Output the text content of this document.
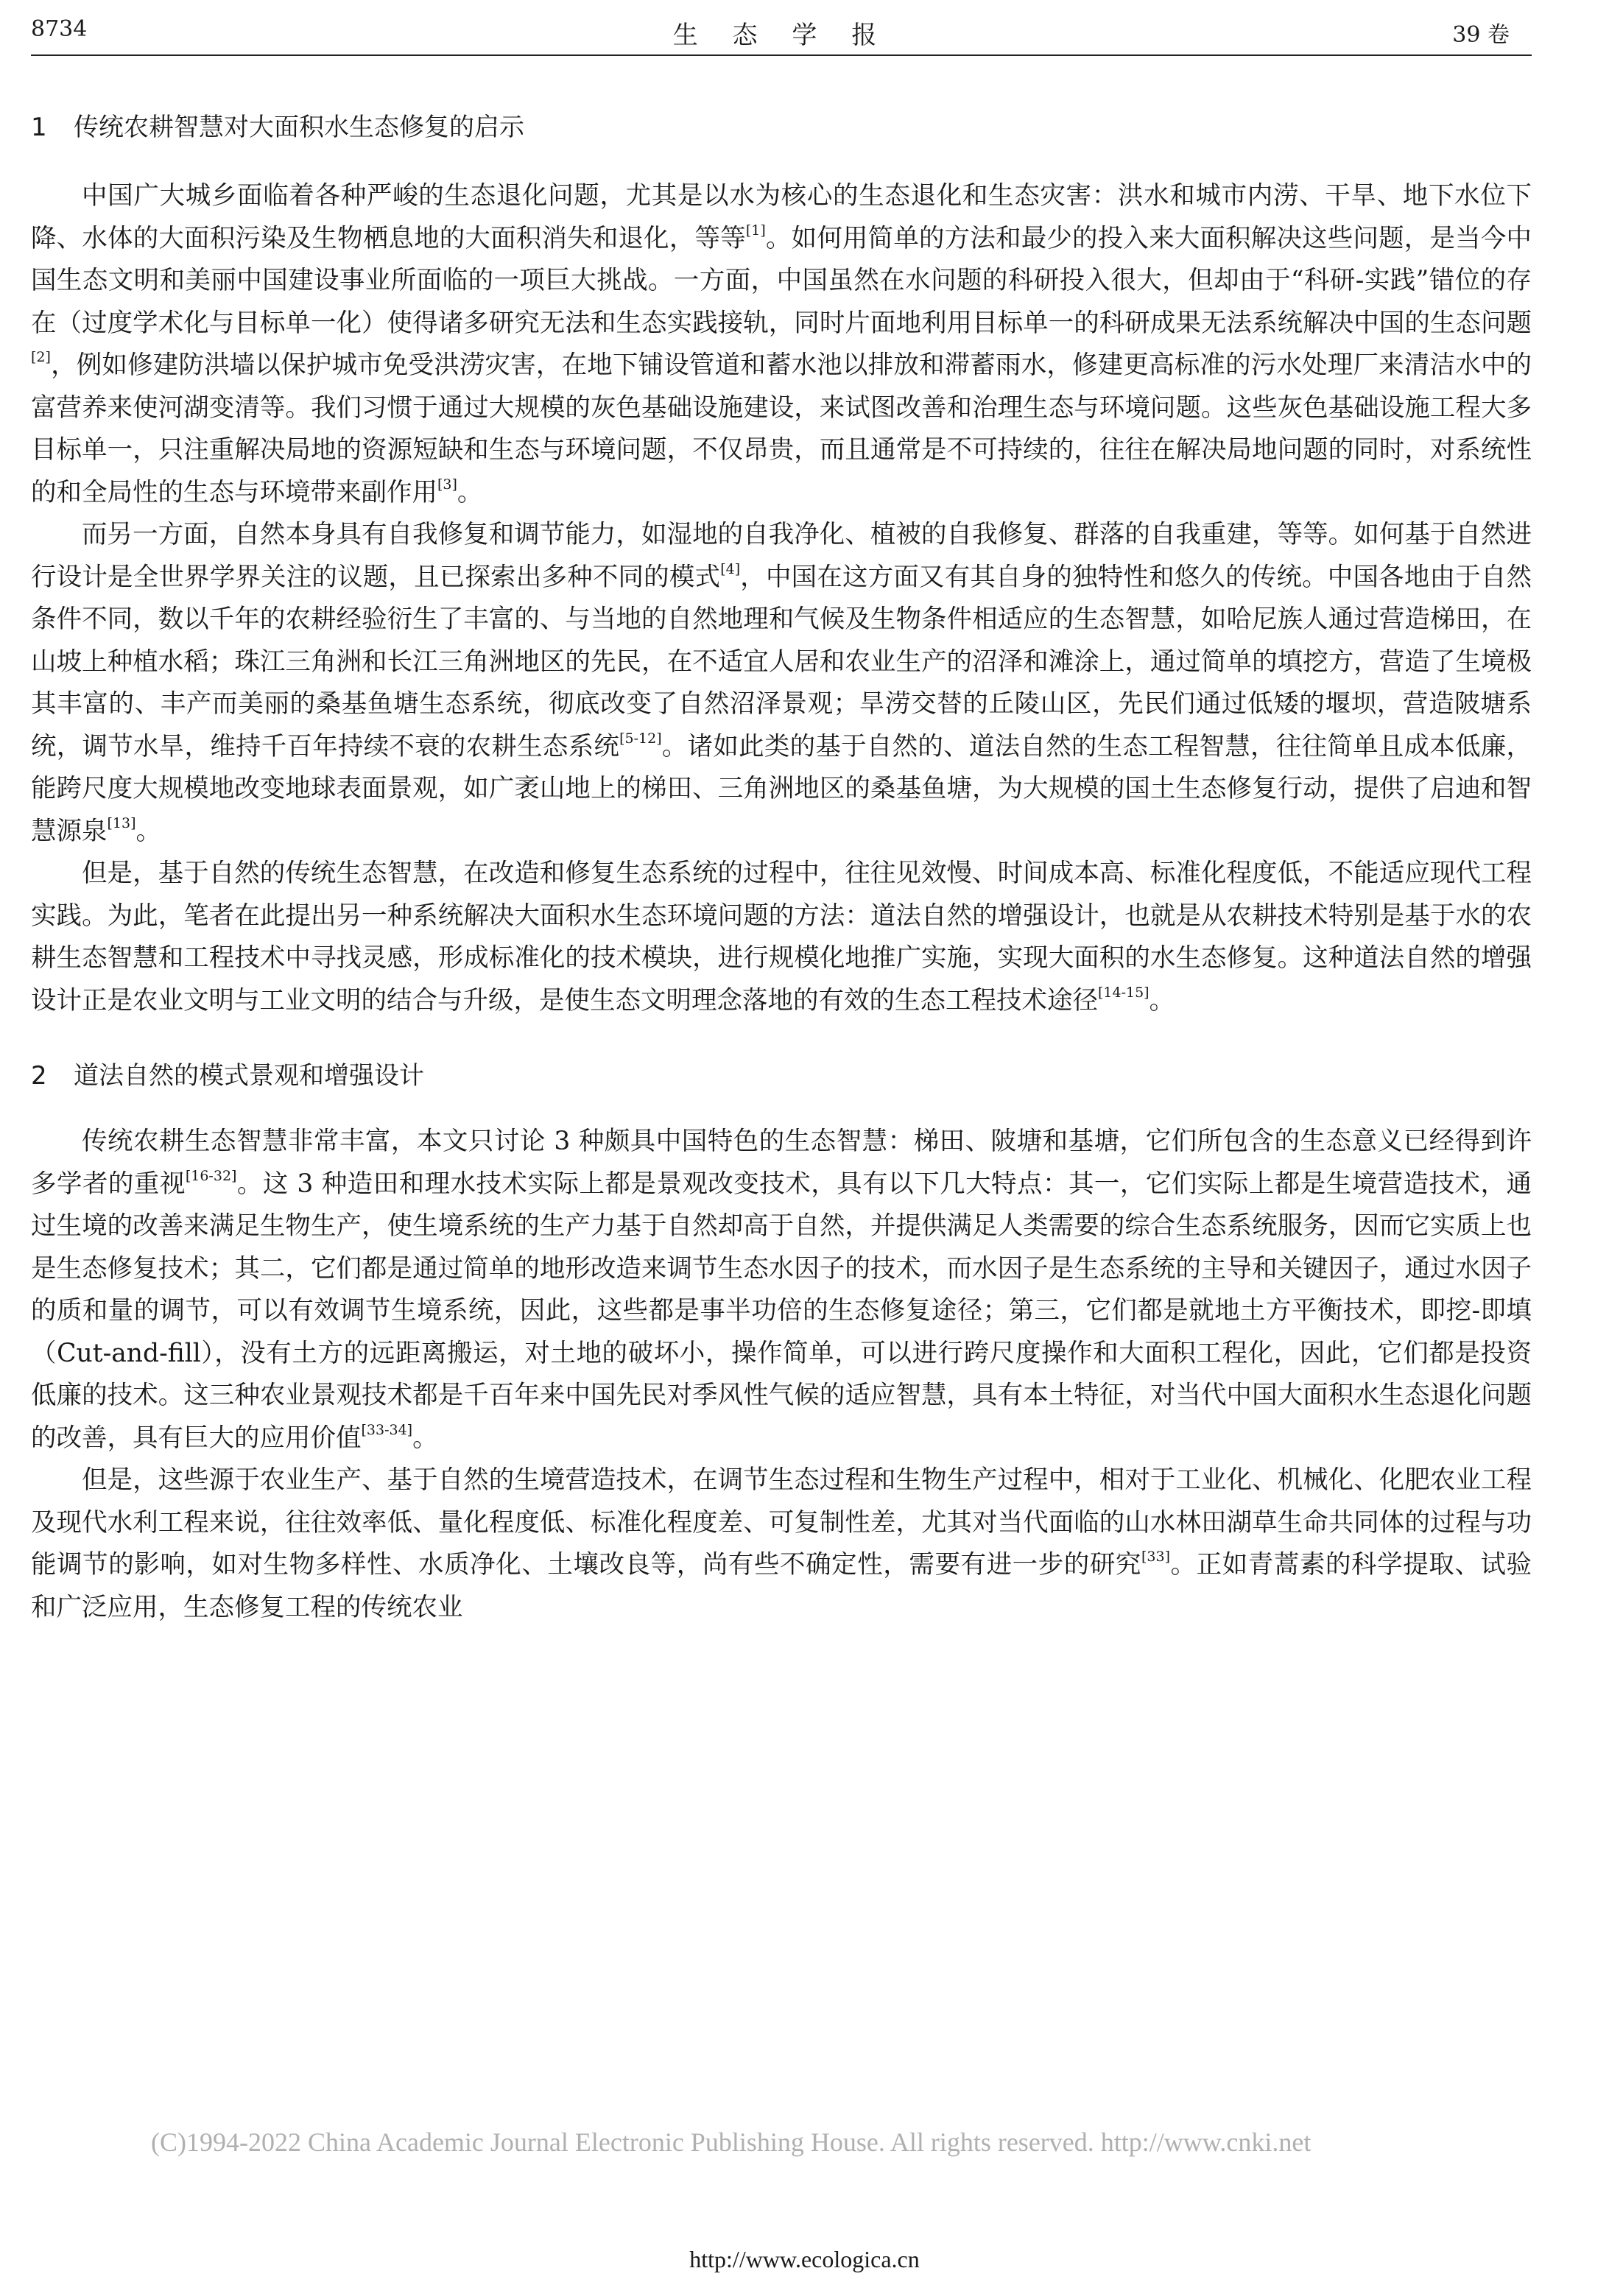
8734	生 态 学 报	39 卷
1 传统农耕智慧对大面积水生态修复的启示

中国广大城乡面临着各种严峻的生态退化问题，尤其是以水为核心的生态退化和生态灾害：洪水和城市内涝、干旱、地下水位下降、水体的大面积污染及生物栖息地的大面积消失和退化，等等[1]。如何用简单的方法和最少的投入来大面积解决这些问题，是当今中国生态文明和美丽中国建设事业所面临的一项巨大挑战。一方面，中国虽然在水问题的科研投入很大，但却由于“科研-实践”错位的存在（过度学术化与目标单一化）使得诸多研究无法和生态实践接轨，同时片面地利用目标单一的科研成果无法系统解决中国的生态问题[2]，例如修建防洪墙以保护城市免受洪涝灾害，在地下铺设管道和蓄水池以排放和滞蓄雨水，修建更高标准的污水处理厂来清洁水中的富营养来使河湖变清等。我们习惯于通过大规模的灰色基础设施建设，来试图改善和治理生态与环境问题。这些灰色基础设施工程大多目标单一，只注重解决局地的资源短缺和生态与环境问题，不仅昂贵，而且通常是不可持续的，往往在解决局地问题的同时，对系统性的和全局性的生态与环境带来副作用[3]。

而另一方面，自然本身具有自我修复和调节能力，如湿地的自我净化、植被的自我修复、群落的自我重建，等等。如何基于自然进行设计是全世界学界关注的议题，且已探索出多种不同的模式[4]，中国在这方面又有其自身的独特性和悠久的传统。中国各地由于自然条件不同，数以千年的农耕经验衍生了丰富的、与当地的自然地理和气候及生物条件相适应的生态智慧，如哈尼族人通过营造梯田，在山坡上种植水稻；珠江三角洲和长江三角洲地区的先民，在不适宜人居和农业生产的沼泽和滩涂上，通过简单的填挖方，营造了生境极其丰富的、丰产而美丽的桑基鱼塘生态系统，彻底改变了自然沼泽景观；旱涝交替的丘陵山区，先民们通过低矮的堰坝，营造陂塘系统，调节水旱，维持千百年持续不衰的农耕生态系统[5-12]。诸如此类的基于自然的、道法自然的生态工程智慧，往往简单且成本低廉，能跨尺度大规模地改变地球表面景观，如广袤山地上的梯田、三角洲地区的桑基鱼塘，为大规模的国土生态修复行动，提供了启迪和智慧源泉[13]。

但是，基于自然的传统生态智慧，在改造和修复生态系统的过程中，往往见效慢、时间成本高、标准化程度低，不能适应现代工程实践。为此，笔者在此提出另一种系统解决大面积水生态环境问题的方法：道法自然的增强设计，也就是从农耕技术特别是基于水的农耕生态智慧和工程技术中寻找灵感，形成标准化的技术模块，进行规模化地推广实施，实现大面积的水生态修复。这种道法自然的增强设计正是农业文明与工业文明的结合与升级，是使生态文明理念落地的有效的生态工程技术途径[14-15]。

2 道法自然的模式景观和增强设计

传统农耕生态智慧非常丰富，本文只讨论 3 种颇具中国特色的生态智慧：梯田、陂塘和基塘，它们所包含的生态意义已经得到许多学者的重视[16-32]。这 3 种造田和理水技术实际上都是景观改变技术，具有以下几大特点：其一，它们实际上都是生境营造技术，通过生境的改善来满足生物生产，使生境系统的生产力基于自然却高于自然，并提供满足人类需要的综合生态系统服务，因而它实质上也是生态修复技术；其二，它们都是通过简单的地形改造来调节生态水因子的技术，而水因子是生态系统的主导和关键因子，通过水因子的质和量的调节，可以有效调节生境系统，因此，这些都是事半功倍的生态修复途径；第三，它们都是就地土方平衡技术，即挖-即填（Cut-and-fill），没有土方的远距离搬运，对土地的破坏小，操作简单，可以进行跨尺度操作和大面积工程化，因此，它们都是投资低廉的技术。这三种农业景观技术都是千百年来中国先民对季风性气候的适应智慧，具有本土特征，对当代中国大面积水生态退化问题的改善，具有巨大的应用价值[33-34]。

但是，这些源于农业生产、基于自然的生境营造技术，在调节生态过程和生物生产过程中，相对于工业化、机械化、化肥农业工程及现代水利工程来说，往往效率低、量化程度低、标准化程度差、可复制性差，尤其对当代面临的山水林田湖草生命共同体的过程与功能调节的影响，如对生物多样性、水质净化、土壤改良等，尚有些不确定性，需要有进一步的研究[33]。正如青蒿素的科学提取、试验和广泛应用，生态修复工程的传统农业

(C)1994-2022 China Academic Journal Electronic Publishing House. All rights reserved. http://www.cnki.net
http://www.ecologica.cn
